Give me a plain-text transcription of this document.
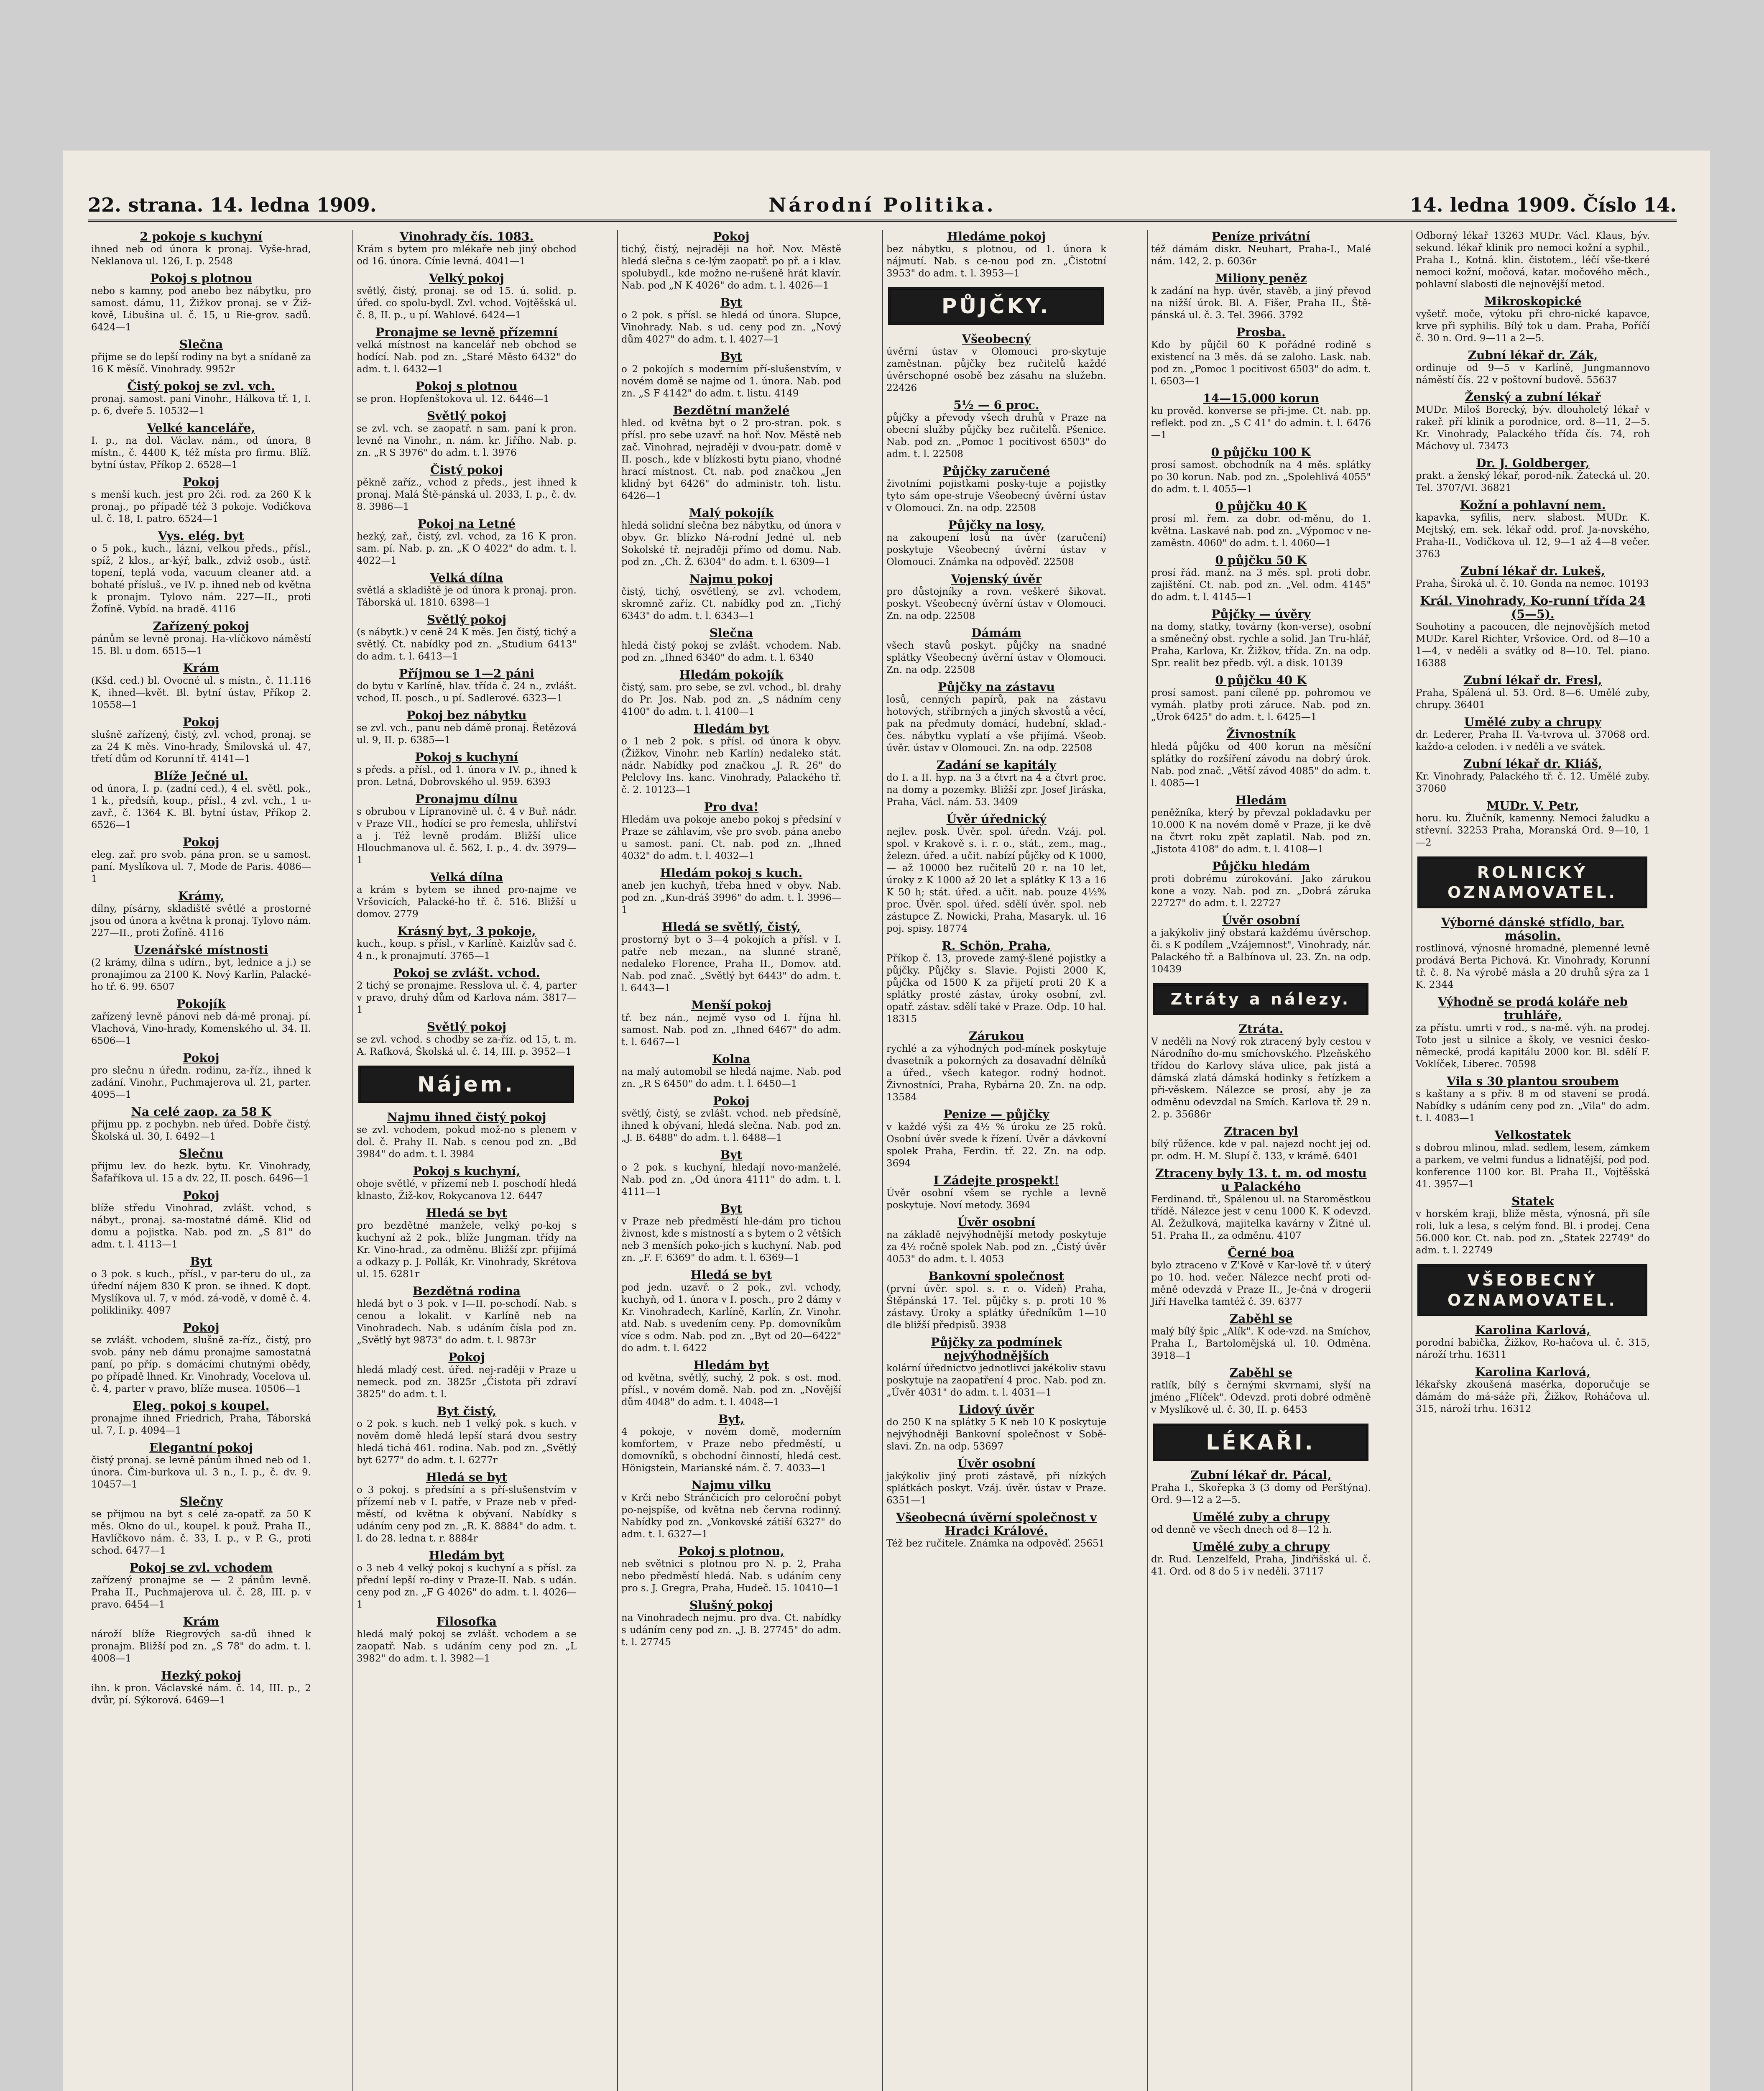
22. strana. 14. ledna 1909.	Národní Politika.	14. ledna 1909. Číslo 14.
2 pokoje s kuchyní
ihned neb od února k pronaj. Vyše-hrad, Neklanova ul. 126, I. p. 2548
Pokoj s plotnou
nebo s kamny, pod anebo bez nábytku, pro samost. dámu, 11, Žižkov pronaj. se v Žiž-kově, Libušina ul. č. 15, u Rie-grov. sadů. 6424—1
Slečna
přijme se do lepší rodiny na byt a snídaně za 16 K měsíč. Vinohrady. 9952r
Čistý pokoj se zvl. vch.
pronaj. samost. paní Vinohr., Hálkova tř. 1, I. p. 6, dveře 5. 10532—1
Velké kanceláře,
I. p., na dol. Václav. nám., od února, 8 místn., č. 4400 K, též místa pro firmu. Blíž. bytní ústav, Příkop 2. 6528—1
Pokoj
s menší kuch. jest pro 2či. rod. za 260 K k pronaj., po případě též 3 pokoje. Vodičkova ul. č. 18, I. patro. 6524—1
Vys. elég. byt
o 5 pok., kuch., lázní, velkou předs., přísl., spíž, 2 klos., ar-kýř, balk., zdviž osob., ústř. topení, teplá voda, vacuum cleaner atd. a bohaté přísluš., ve IV. p. ihned neb od května k pronajm. Tylovo nám. 227—II., proti Žofíně. Vybíd. na bradě. 4116
Zařízený pokoj
pánům se levně pronaj. Ha-vlíčkovo náměstí 15. Bl. u dom. 6515—1
Krám
(Kšd. ced.) bl. Ovocné ul. s místn., č. 11.116 K, ihned—květ. Bl. bytní ústav, Příkop 2. 10558—1
Pokoj
slušně zařízený, čistý, zvl. vchod, pronaj. se za 24 K měs. Vino-hrady, Šmilovská ul. 47, třetí dům od Korunní tř. 4141—1
Blíže Ječné ul.
od února, I. p. (zadní ced.), 4 el. světl. pok., 1 k., předsíň, koup., přísl., 4 zvl. vch., 1 u-zavř., č. 1364 K. Bl. bytní ústav, Příkop 2. 6526—1
Pokoj
eleg. zař. pro svob. pána pron. se u samost. paní. Myslíkova ul. 7, Mode de Paris. 4086—1
Krámy,
dílny, písárny, skladiště světlé a prostorné jsou od února a května k pronaj. Tylovo nám. 227—II., proti Žofíně. 4116
Uzenářské místnosti
(2 krámy, dílna s udírn., byt, lednice a j.) se pronajímou za 2100 K. Nový Karlín, Palacké-ho tř. 6. 99. 6507
Pokojík
zařízený levně pánovi neb dá-mě pronaj. pí. Vlachová, Vino-hrady, Komenského ul. 34. II. 6506—1
Pokoj
pro slečnu n úředn. rodinu, za-říz., ihned k zadání. Vinohr., Puchmajerova ul. 21, parter. 4095—1
Na celé zaop. za 58 K
přijmu pp. z pochybn. neb úřed. Dobře čistý. Školská ul. 30, I. 6492—1
Slečnu
přijmu lev. do hezk. bytu. Kr. Vinohrady, Šafaříkova ul. 15 a dv. 22, II. posch. 6496—1
Pokoj
blíže středu Vinohrad, zvlášt. vchod, s nábyt., pronaj. sa-mostatné dámě. Klid od domu a pojistka. Nab. pod zn. „S 81" do adm. t. l. 4113—1
Byt
o 3 pok. s kuch., přísl., v par-teru do ul., za úřední nájem 830 K pron. se ihned. K dopt. Myslíkova ul. 7, v mód. zá-vodě, v domě č. 4. polikliniky. 4097
Pokoj
se zvlášt. vchodem, slušně za-říz., čistý, pro svob. pány neb dámu pronajme samostatná paní, po příp. s domácími chutnými obědy, po případě lhned. Kr. Vinohrady, Vocelova ul. č. 4, parter v pravo, blíže musea. 10506—1
Eleg. pokoj s koupel.
pronajme ihned Friedrich, Praha, Táborská ul. 7, I. p. 4094—1
Elegantní pokoj
čistý pronaj. se levně pánům ihned neb od 1. února. Čim-burkova ul. 3 n., I. p., č. dv. 9. 10457—1
Slečny
se přijmou na byt s celé za-opatř. za 50 K měs. Okno do ul., koupel. k použ. Praha II., Havlíčkovo nám. č. 33, I. p., v P. G., proti schod. 6477—1
Pokoj se zvl. vchodem
zařízený pronajme se — 2 pánům levně. Praha II., Puchmajerova ul. č. 28, III. p. v pravo. 6454—1
Krám
nároží blíže Riegrových sa-dů ihned k pronajm. Bližší pod zn. „S 78" do adm. t. l. 4008—1
Hezký pokoj
ihn. k pron. Václavské nám. č. 14, III. p., 2 dvůr, pí. Sýkorová. 6469—1
Vinohrady čís. 1083.
Krám s bytem pro mlékaře neb jiný obchod od 16. února. Cínie levná. 4041—1
Velký pokoj
světlý, čistý, pronaj. se od 15. ú. solid. p. úřed. co spolu-bydl. Zvl. vchod. Vojtěšská ul. č. 8, II. p., u pí. Wahlové. 6424—1
Pronajme se levně přízemní
velká místnost na kancelář neb obchod se hodící. Nab. pod zn. „Staré Město 6432" do adm. t. l. 6432—1
Pokoj s plotnou
se pron. Hopfenštokova ul. 12. 6446—1
Světlý pokoj
se zvl. vch. se zaopatř. n sam. paní k pron. levně na Vinohr., n. nám. kr. Jiřího. Nab. p. zn. „R S 3976" do adm. t. l. 3976
Čistý pokoj
pěkně zaříz., vchod z předs., jest ihned k pronaj. Malá Ště-pánská ul. 2033, I. p., č. dv. 8. 3986—1
Pokoj na Letné
hezký, zař., čistý, zvl. vchod, za 16 K pron. sam. pí. Nab. p. zn. „K O 4022" do adm. t. l. 4022—1
Velká dílna
světlá a skladiště je od února k pronaj. pron. Táborská ul. 1810. 6398—1
Světlý pokoj
(s nábytk.) v ceně 24 K měs. Jen čistý, tichý a světlý. Ct. nabídky pod zn. „Studium 6413" do adm. t. l. 6413—1
Příjmou se 1—2 páni
do bytu v Karlíně, hlav. třída č. 24 n., zvlášt. vchod, II. posch., u pí. Sadlerové. 6323—1
Pokoj bez nábytku
se zvl. vch., panu neb dámě pronaj. Řetězová ul. 9, II. p. 6385—1
Pokoj s kuchyní
s předs. a přísl., od 1. února v IV. p., ihned k pron. Letná, Dobrovského ul. 959. 6393
Pronajmu dílnu
s obrubou v Lípranovině ul. č. 4 v Buř. nádr. v Praze VII., hodící se pro řemesla, uhlířství a j. Též levně prodám. Bližší ulice Hlouchmanova ul. č. 562, I. p., 4. dv. 3979—1
Velká dílna
a krám s bytem se ihned pro-najme ve Vršovicích, Palacké-ho tř. č. 516. Bližší u domov. 2779
Krásný byt, 3 pokoje,
kuch., koup. s přísl., v Karlíně. Kaizlův sad č. 4 n., k pronajmutí. 3765—1
Pokoj se zvlášt. vchod.
2 tichý se pronajme. Resslova ul. č. 4, parter v pravo, druhý dům od Karlova nám. 3817—1
Světlý pokoj
se zvl. vchod. s chodby se za-říz. od 15, t. m. A. Raťková, Školská ul. č. 14, III. p. 3952—1
Nájem.
Najmu ihned čistý pokoj
se zvl. vchodem, pokud mož-no s plenem v dol. č. Prahy II. Nab. s cenou pod zn. „Bd 3984" do adm. t. l. 3984
Pokoj s kuchyní,
ohoje světlé, v přízemí neb I. poschodí hledá klnasto, Žiž-kov, Rokycanova 12. 6447
Hledá se byt
pro bezdětné manžele, velký po-koj s kuchyní až 2 pok., blíže Jungman. třídy na Kr. Vino-hrad., za odměnu. Bližší zpr. přijímá a odkazy p. J. Pollák, Kr. Vinohrady, Skrétova ul. 15. 6281r
Bezdětná rodina
hledá byt o 3 pok. v I—II. po-schodí. Nab. s cenou a lokalit. v Karlíně neb na Vinohradech. Nab. s udáním čísla pod zn. „Světlý byt 9873" do adm. t. l. 9873r
Pokoj
hledá mladý cest. úřed. nej-raději v Praze u nemeck. pod zn. 3825r „Čistota při zdraví 3825" do adm. t. l.
Byt čistý,
o 2 pok. s kuch. neb 1 velký pok. s kuch. v nověm domě hledá lepší stará dvou sestry hledá tichá 461. rodina. Nab. pod zn. „Světlý byt 6277" do adm. t. l. 6277r
Hledá se byt
o 3 pokoj. s předsíní a s pří-slušenstvím v přízemí neb v I. patře, v Praze neb v před-městí, od května k obývaní. Nabídky s udáním ceny pod zn. „R. K. 8884" do adm. t. l. do 28. ledna t. r. 8884r
Hledám byt
o 3 neb 4 velký pokoj s kuchyní a s přísl. za přední lepší ro-diny v Praze-II. Nab. s udán. ceny pod zn. „F G 4026" do adm. t. l. 4026—1
Filosofka
hledá malý pokoj se zvlášt. vchodem a se zaopatř. Nab. s udáním ceny pod zn. „L 3982" do adm. t. l. 3982—1
Pokoj
tichý, čistý, nejraději na hoř. Nov. Městě hledá slečna s ce-lým zaopatř. po př. a i klav. spolubydl., kde možno ne-rušeně hrát klavír. Nab. pod „N K 4026" do adm. t. l. 4026—1
Byt
o 2 pok. s přísl. se hledá od února. Slupce, Vinohrady. Nab. s ud. ceny pod zn. „Nový dům 4027" do adm. t. l. 4027—1
Byt
o 2 pokojích s moderním pří-slušenstvím, v novém domě se najme od 1. února. Nab. pod zn. „S F 4142" do adm. t. listu. 4149
Bezdětní manželé
hled. od května byt o 2 pro-stran. pok. s přísl. pro sebe uzavř. na hoř. Nov. Městě neb zač. Vinohrad, nejraději v dvou-patr. domě v II. posch., kde v blízkosti bytu piano, vhodné hrací místnost. Ct. nab. pod značkou „Jen klidný byt 6426" do administr. toh. listu. 6426—1
Malý pokojík
hledá solidní slečna bez nábytku, od února v obyv. Gr. blízko Ná-rodní Jedné ul. neb Sokolské tř. nejraději přímo od domu. Nab. pod zn. „Ch. Ž. 6304" do adm. t. l. 6309—1
Najmu pokoj
čistý, tichý, osvětlený, se zvl. vchodem, skromně zaříz. Ct. nabídky pod zn. „Tichý 6343" do adm. t. l. 6343—1
Slečna
hledá čistý pokoj se zvlášt. vchodem. Nab. pod zn. „Ihned 6340" do adm. t. l. 6340
Hledám pokojík
čistý, sam. pro sebe, se zvl. vchod., bl. drahy do Pr. Jos. Nab. pod zn. „S nádním ceny 4100" do adm. t. l. 4100—1
Hledám byt
o 1 neb 2 pok. s přísl. od února k obyv. (Žižkov, Vinohr. neb Karlín) nedaleko stát. nádr. Nabídky pod značkou „J. R. 26" do Pelclovy Ins. kanc. Vinohrady, Palackého tř. č. 2. 10123—1
Pro dva!
Hledám uva pokoje anebo pokoj s předsíní v Praze se záhlavím, vše pro svob. pána anebo u samost. paní. Ct. nab. pod zn. „Ihned 4032" do adm. t. l. 4032—1
Hledám pokoj s kuch.
aneb jen kuchyň, třeba hned v obyv. Nab. pod zn. „Kun-dráš 3996" do adm. t. l. 3996—1
Hledá se světlý, čistý,
prostorný byt o 3—4 pokojích a přísl. v I. patře neb mezan., na slunné straně, nedaleko Florence, Praha II., Domov. atd. Nab. pod znač. „Světlý byt 6443" do adm. t. l. 6443—1
Menší pokoj
tř. bez nán., nejmě vyso od I. října hl. samost. Nab. pod zn. „Ihned 6467" do adm. t. l. 6467—1
Kolna
na malý automobil se hledá najme. Nab. pod zn. „R S 6450" do adm. t. l. 6450—1
Pokoj
světlý, čistý, se zvlášt. vchod. neb předsíně, ihned k obývaní, hledá slečna. Nab. pod zn. „J. B. 6488" do adm. t. l. 6488—1
Byt
o 2 pok. s kuchyní, hledají novo-manželé. Nab. pod zn. „Od února 4111" do adm. t. l. 4111—1
Byt
v Praze neb předměstí hle-dám pro tichou živnost, kde s místností a s bytem o 2 větších neb 3 menších poko-jích s kuchyní. Nab. pod zn. „F. F. 6369" do adm. t. l. 6369—1
Hledá se byt
pod jedn. uzavř. o 2 pok., zvl. vchody, kuchyň, od 1. února v I. posch., pro 2 dámy v Kr. Vinohradech, Karlíně, Karlín, Zr. Vinohr. atd. Nab. s uvedením ceny. Pp. domovníkům více s odm. Nab. pod zn. „Byt od 20—6422" do adm. t. l. 6422
Hledám byt
od května, světlý, suchý, 2 pok. s ost. mod. přísl., v novém domě. Nab. pod zn. „Novější dům 4048" do adm. t. l. 4048—1
Byt,
4 pokoje, v novém domě, moderním komfortem, v Praze nebo předměstí, u domovníků, s obchodní činností, hledá cest. Hönigstein, Marianské nám. č. 7. 4033—1
Najmu vilku
v Krči nebo Stránčicích pro celoroční pobyt po-nejspíše, od května neb června rodinný. Nabídky pod zn. „Vonkovské zátiší 6327" do adm. t. l. 6327—1
Pokoj s plotnou,
neb světnici s plotnou pro N. p. 2, Praha nebo předměstí hledá. Nab. s udáním ceny pro s. J. Gregra, Praha, Hudeč. 15. 10410—1
Slušný pokoj
na Vinohradech nejmu. pro dva. Ct. nabídky s udáním ceny pod zn. „J. B. 27745" do adm. t. l. 27745
Hledáme pokoj
bez nábytku, s plotnou, od 1. února k nájmutí. Nab. s ce-nou pod zn. „Čistotní 3953" do adm. t. l. 3953—1
PŮJČKY.
Všeobecný
úvěrní ústav v Olomouci pro-skytuje zaměstnan. půjčky bez ručitelů každé úvěrschopné osobě bez zásahu na služebn. 22426
5½ — 6 proc.
půjčky a převody všech druhů v Praze na obecní služby půjčky bez ručitelů. Pšenice. Nab. pod zn. „Pomoc 1 pocitivost 6503" do adm. t. l. 22508
Půjčky zaručené
životními pojistkami posky-tuje a pojistky tyto sám ope-struje Všeobecný úvěrní ústav v Olomouci. Zn. na odp. 22508
Půjčky na losy,
na zakoupení losů na úvěr (zaručení) poskytuje Všeobecný úvěrní ústav v Olomouci. Známka na odpověď. 22508
Vojenský úvěr
pro důstojníky a rovn. veškeré šikovat. poskyt. Všeobecný úvěrní ústav v Olomouci. Zn. na odp. 22508
Dámám
všech stavů poskyt. půjčky na snadné splátky Všeobecný úvěrní ústav v Olomouci. Zn. na odp. 22508
Půjčky na zástavu
losů, cenných papírů, pak na zástavu hotových, stříbrných a jiných skvostů a věcí, pak na předmuty domácí, hudební, sklad.-čes. nábytku vyplatí a vše přijímá. Všeob. úvěr. ústav v Olomouci. Zn. na odp. 22508
Zadání se kapitály
do I. a II. hyp. na 3 a čtvrt na 4 a čtvrt proc. na domy a pozemky. Bližší zpr. Josef Jiráska, Praha, Václ. nám. 53. 3409
Úvěr úřednický
nejlev. posk. Úvěr. spol. úředn. Vzáj. pol. spol. v Krakově s. i. r. o., stát., zem., mag., železn. úřed. a učit. nabízí půjčky od K 1000,— až 10000 bez ručitelů 20 r. na 10 let, úroky z K 1000 až 20 let a splátky K 13 a 16 K 50 h; stát. úřed. a učit. nab. pouze 4½% proc. Úvěr. spol. úřed. sdělí úvěr. spol. neb zástupce Z. Nowicki, Praha, Masaryk. ul. 16 poj. spisy. 18774
R. Schön, Praha,
Příkop č. 13, provede zamý-šlené pojistky a půjčky. Půjčky s. Slavie. Pojisti 2000 K, půjčka od 1500 K za přijetí proti 20 K a splátky prosté zástav, úroky osobní, zvl. opatř. zástav. sdělí také v Praze. Odp. 10 hal. 18315
Zárukou
rychlé a za výhodných pod-mínek poskytuje dvasetník a pokorných za dosavadní dělníků a úřed., všech kategor. rodný hodnot. Živnostníci, Praha, Rybárna 20. Zn. na odp. 13584
Penize — půjčky
v každé výši za 4½ % úroku ze 25 roků. Osobní úvěr svede k řízení. Úvěr a dávkovní spolek Praha, Ferdin. tř. 22. Zn. na odp. 3694
I Zádejte prospekt!
Úvěr osobní všem se rychle a levně poskytuje. Noví metody. 3694
Úvěr osobní
na základě nejvýhodnější metody poskytuje za 4½ ročně spolek Nab. pod zn. „Čistý úvěr 4053" do adm. t. l. 4053
Bankovní společnost
(první úvěr. spol. s. r. o. Vídeň) Praha, Štěpánská 17. Tel. půjčky s. p. proti 10 % zástavy. Úroky a splátky úředníkům 1—10 dle bližší předpisů. 3938
Půjčky za podmínek nejvýhodnějších
kolární úřednictvo jednotlivci jakékoliv stavu poskytuje na zaopatření 4 proc. Nab. pod zn. „Úvěr 4031" do adm. t. l. 4031—1
Lidový úvěr
do 250 K na splátky 5 K neb 10 K poskytuje nejvýhodněji Bankovní společnost v Sobě-slavi. Zn. na odp. 53697
Úvěr osobní
jakýkoliv jiný proti zástavě, při nízkých splátkách poskyt. Vzáj. úvěr. ústav v Praze. 6351—1
Všeobecná úvěrní společnost v Hradci Králové.
Též bez ručitele. Známka na odpověď. 25651
Peníze privátní
též dámám diskr. Neuhart, Praha-I., Malé nám. 142, 2. p. 6036r
Miliony peněz
k zadání na hyp. úvěr, stavěb, a jiný převod na nižší úrok. Bl. A. Fišer, Praha II., Ště-pánská ul. č. 3. Tel. 3966. 3792
Prosba.
Kdo by půjčil 60 K pořádné rodině s existencí na 3 měs. dá se zaloho. Lask. nab. pod zn. „Pomoc 1 pocitivost 6503" do adm. t. l. 6503—1
14—15.000 korun
ku prověd. konverse se při-jme. Ct. nab. pp. reflekt. pod zn. „S C 41" do admin. t. l. 6476—1
0 půjčku 100 K
prosí samost. obchodník na 4 měs. splátky po 30 korun. Nab. pod zn. „Spolehlivá 4055" do adm. t. l. 4055—1
0 půjčku 40 K
prosí ml. řem. za dobr. od-měnu, do 1. května. Laskavé nab. pod zn. „Výpomoc v ne-zaměstn. 4060" do adm. t. l. 4060—1
0 půjčku 50 K
prosí řád. manž. na 3 měs. spl. proti dobr. zajištění. Ct. nab. pod zn. „Vel. odm. 4145" do adm. t. l. 4145—1
Půjčky — úvěry
na domy, statky, továrny (kon-verse), osobní a směnečný obst. rychle a solid. Jan Tru-hlář, Praha, Karlova, Kr. Žižkov, třída. Zn. na odp. Spr. realit bez předb. výl. a disk. 10139
0 půjčku 40 K
prosí samost. paní cílené pp. pohromou ve vymáh. platby proti záruce. Nab. pod zn. „Úrok 6425" do adm. t. l. 6425—1
Živnostník
hledá půjčku od 400 korun na měsíční splátky do rozšíření závodu na dobrý úrok. Nab. pod znač. „Větší závod 4085" do adm. t. l. 4085—1
Hledám
peněžníka, který by převzal pokladavku per 10.000 K na novém domě v Praze, ji ke dvě na čtvrt roku zpět zaplatil. Nab. pod zn. „Jistota 4108" do adm. t. l. 4108—1
Půjčku hledám
proti dobrému zúrokování. Jako zárukou kone a vozy. Nab. pod zn. „Dobrá záruka 22727" do adm. t. l. 22727
Úvěr osobní
a jakýkoliv jiný obstará každému úvěrschop. či. s K podílem „Vzájemnost", Vinohrady, nár. Palackého tř. a Balbínova ul. 23. Zn. na odp. 10439
Ztráty a nálezy.
Ztráta.
V neděli na Nový rok ztracený byly cestou v Národního do-mu smíchovského. Plzeňského třídou do Karlovy sláva ulice, pak jistá a dámská zlatá dámská hodinky s řetízkem a při-věskem. Nálezce se prosí, aby je za odměnu odevzdal na Smích. Karlova tř. 29 n. 2. p. 35686r
Ztracen byl
bílý růžence. kde v pal. najezd nocht jej od. pr. odm. H. M. Slupí č. 133, v krámě. 6401
Ztraceny byly 13. t. m. od mostu u Palackého
Ferdinand. tř., Spálenou ul. na Staroměstkou třídě. Nálezce jest v cenu 1000 K. K odevzd. Al. Žežulková, majitelka kavárny v Žitné ul. 51. Praha II., za odměnu. 4107
Černé boa
bylo ztraceno v Z'Kově v Kar-lově tř. v úterý po 10. hod. večer. Nálezce nechť proti od-měně odevzdá v Praze II., Je-čná v drogerii Jiří Havelka tamtéž č. 39. 6377
Zaběhl se
malý bílý špic „Alík". K ode-vzd. na Smíchov, Praha I., Bartolomějská ul. 10. Odměna. 3918—1
Zaběhl se
ratlík, bílý s černými skvrnami, slyší na jméno „Flíček". Odevzd. proti dobré odměně v Myslíkově ul. č. 30, II. p. 6453
LÉKAŘI.
Zubní lékař dr. Pácal,
Praha I., Skořepka 3 (3 domy od Perštýna). Ord. 9—12 a 2—5.
Umělé zuby a chrupy
od denně ve všech dnech od 8—12 h.
Umělé zuby a chrupy
dr. Rud. Lenzelfeld, Praha, Jindřišská ul. č. 41. Ord. od 8 do 5 i v neděli. 37117
Odborný lékař 13263 MUDr. Václ. Klaus, býv. sekund. lékař klinik pro nemoci kožní a syphil., Praha I., Kotná. klin. čistotem., léčí vše-tkeré nemoci kožní, močová, katar. močového měch., pohlavní slabosti dle nejnovější metod.
Mikroskopické
vyšetř. moče, výtoku při chro-nické kapavce, krve při syphilis. Bílý tok u dam. Praha, Poříčí č. 30 n. Ord. 9—11 a 2—5.
Zubní lékař dr. Zák,
ordinuje od 9—5 v Karlíně, Jungmannovo náměstí čís. 22 v poštovní budově. 55637
Ženský a zubní lékař
MUDr. Miloš Borecký, býv. dlouholetý lékař v rakeř. pří klinik a porodnice, ord. 8—11, 2—5. Kr. Vinohrady, Palackého třída čís. 74, roh Máchovy ul. 73473
Dr. J. Goldberger,
prakt. a ženský lékař, porod-ník. Žatecká ul. 20. Tel. 3707/VI. 36821
Kožní a pohlavní nem.
kapavka, syfilis, nerv. slabost. MUDr. K. Mejtský, em. sek. lékař odd. prof. Ja-novského, Praha-II., Vodičkova ul. 12, 9—1 až 4—8 večer. 3763
Zubní lékař dr. Lukeš,
Praha, Široká ul. č. 10. Gonda na nemoc. 10193
Král. Vinohrady, Ko-runní třída 24 (5—5).
Souhotiny a pacoucen, dle nejnovějších metod MUDr. Karel Richter, Vršovice. Ord. od 8—10 a 1—4, v neděli a svátky od 8—10. Tel. piano. 16388
Zubní lékař dr. Fresl,
Praha, Spálená ul. 53. Ord. 8—6. Umělé zuby, chrupy. 36401
Umělé zuby a chrupy
dr. Lederer, Praha II. Va-tvrova ul. 37068 ord. každo-a celoden. i v neděli a ve svátek.
Zubní lékař dr. Kliáš,
Kr. Vinohrady, Palackého tř. č. 12. Umělé zuby. 37060
MUDr. V. Petr,
horu. ku. Žlučník, kamenny. Nemoci žaludku a střevní. 32253 Praha, Moranská Ord. 9—10, 1—2
ROLNICKÝ OZNAMOVATEL.
Výborné dánské stfídlo, bar. másolin.
rostlinová, výnosné hromadné, plemenné levně prodává Berta Pichová. Kr. Vinohrady, Korunní tř. č. 8. Na výrobě másla a 20 druhů sýra za 1 K. 2344
Výhodně se prodá koláře neb truhláře,
za přístu. umrti v rod., s na-mě. výh. na prodej. Toto jest u silnice a školy, ve vesnici česko-německé, prodá kapitálu 2000 kor. Bl. sdělí F. Voklíček, Liberec. 70598
Vila s 30 plantou sroubem
s kaštany a s přiv. 8 m od stavení se prodá. Nabídky s udáním ceny pod zn. „Vila" do adm. t. l. 4083—1
Velkostatek
s dobrou mlinou, mlad. sedlem, lesem, zámkem a parkem, ve velmi fundus a lidnatější, pod pod. konference 1100 kor. Bl. Praha II., Vojtěšská 41. 3957—1
Statek
v horském kraji, bliže města, výnosná, při síle roli, luk a lesa, s celým fond. Bl. i prodej. Cena 56.000 kor. Ct. nab. pod zn. „Statek 22749" do adm. t. l. 22749
VŠEOBECNÝ OZNAMOVATEL.
Karolina Karlová,
porodní babička, Žižkov, Ro-hačova ul. č. 315, nároží trhu. 16311
Karolina Karlová,
lékařsky zkoušená masérka, doporučuje se dámám do má-sáže při, Žižkov, Roháčova ul. 315, nároží trhu. 16312
